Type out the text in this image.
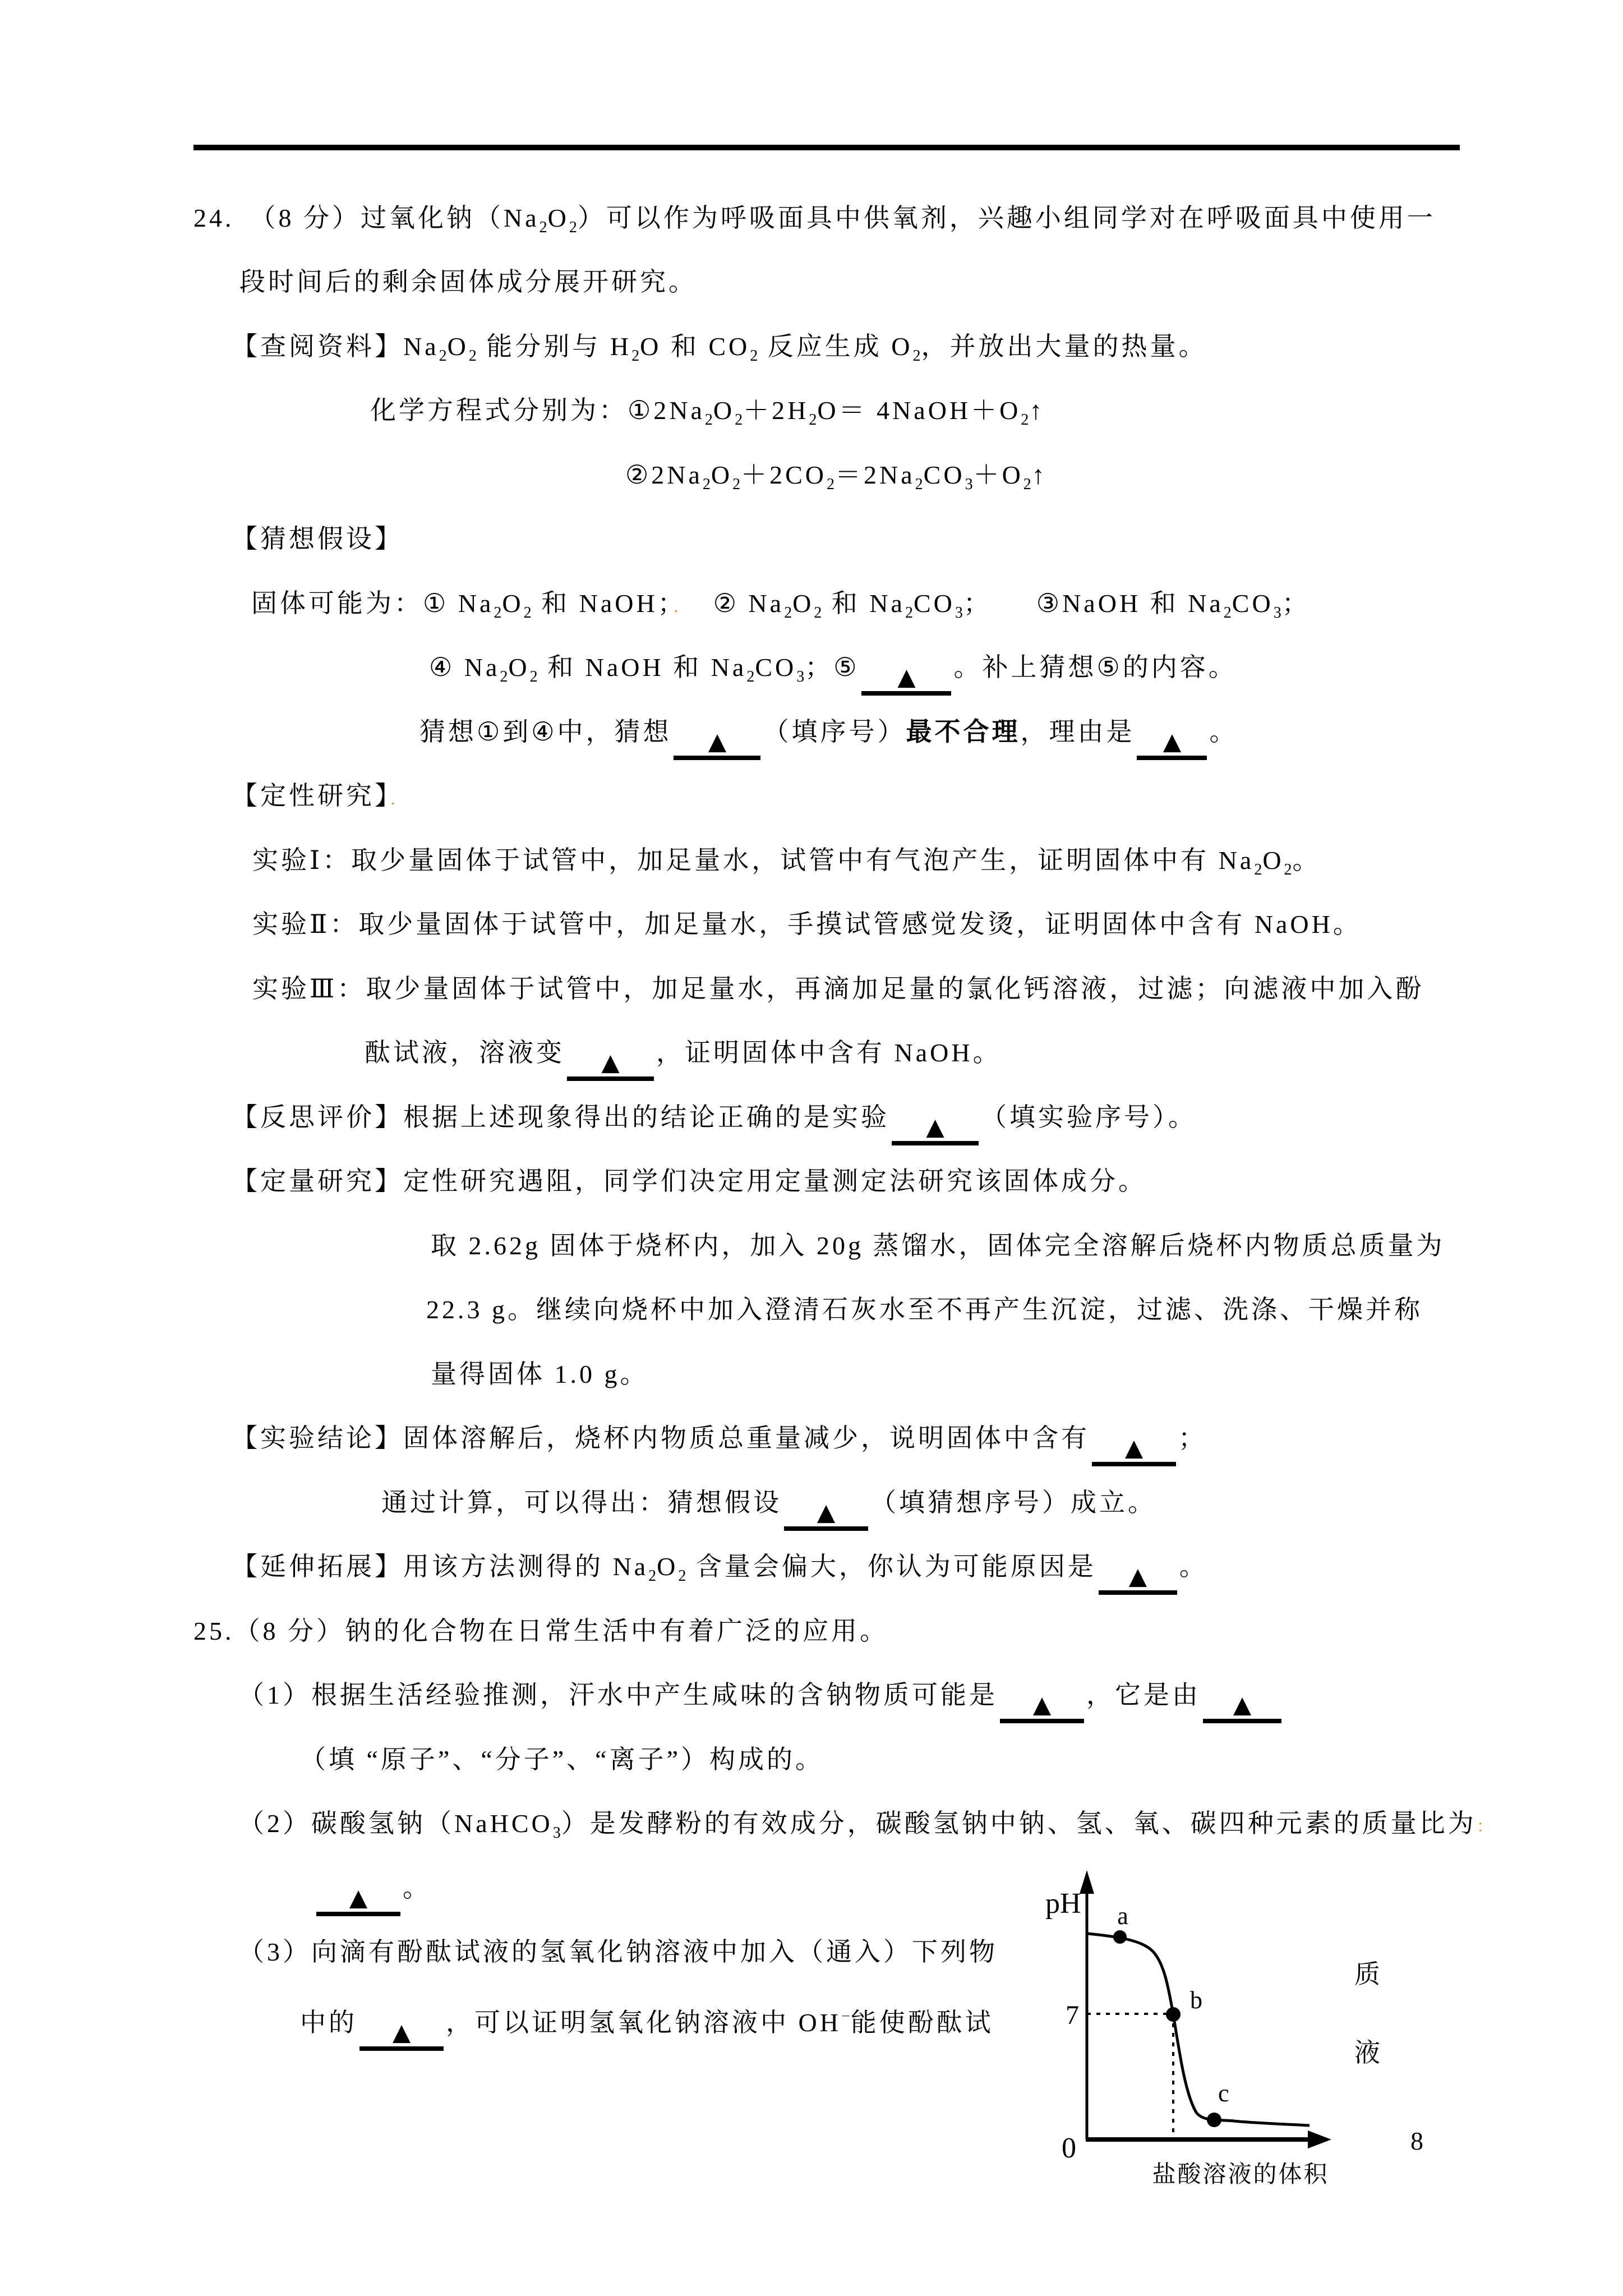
24.　（8 分）过氧化钠$(Na_2O_2)$可以作为呼吸面具中供氧剂，兴趣小组同学对在呼吸面具中使用一
段时间后的剩余固体成分展开研究。
【查阅资料】$Na_2O_2$ 能分别与 $H_2O$ 和 $CO_2$ 反应生成 $O_2$，并放出大量的热量。
化学方程式分别为：$①2Na_2O_2+2H_2O=$ $4NaOH+O_2↑$
$②2Na_2O_2+2CO_2=2Na_2CO_3+O_2↑$
【猜想假设】
固体可能为：① $Na_2O_2$ 和 NaOH；．　② $Na_2O_2$ 和 $Na_2CO_3$；　　③NaOH 和 $Na_2CO_3$；
④ $Na_2O_2$ 和 NaOH 和 $Na_2CO_3$；⑤ ▲ 。补上猜想⑤的内容。
猜想①到④中，猜想 ▲ （填序号）最不合理，理由是 ▲ 。
【定性研究】．
实验Ⅰ：取少量固体于试管中，加足量水，试管中有气泡产生，证明固体中有 $Na_2O_2$。
实验Ⅱ：取少量固体于试管中，加足量水，手摸试管感觉发烫，证明固体中含有 NaOH。
实验Ⅲ：取少量固体于试管中，加足量水，再滴加足量的氯化钙溶液，过滤；向滤液中加入酚
酞试液，溶液变 ▲ ，证明固体中含有 NaOH。
【反思评价】根据上述现象得出的结论正确的是实验 ▲ （填实验序号）。
【定量研究】定性研究遇阻，同学们决定用定量测定法研究该固体成分。
取 2.62g 固体于烧杯内，加入 20g 蒸馏水，固体完全溶解后烧杯内物质总质量为
22.3 g。继续向烧杯中加入澄清石灰水至不再产生沉淀，过滤、洗涤、干燥并称
量得固体 1.0 g。
【实验结论】固体溶解后，烧杯内物质总重量减少，说明固体中含有 ▲ ；
通过计算，可以得出：猜想假设 ▲ （填猜想序号）成立。
【延伸拓展】用该方法测得的 $Na_2O_2$ 含量会偏大，你认为可能原因是 ▲ 。
25.（8 分）钠的化合物在日常生活中有着广泛的应用。
（1）根据生活经验推测，汗水中产生咸味的含钠物质可能是 ▲ ，它是由 ▲
（填 “原子”、“分子”、“离子”）构成的。
（2）碳酸氢钠（NaHCO$_3$）是发酵粉的有效成分，碳酸氢钠中钠、氢、氧、碳四种元素的质量比为：
▲ 。
（3）向滴有酚酞试液的氢氧化钠溶液中加入（通入）下列物
中的 ▲ ，可以证明氢氧化钠溶液中 OH−能使酚酞试
质
液
pH
7
0
a
b
c
盐酸溶液的体积
8
